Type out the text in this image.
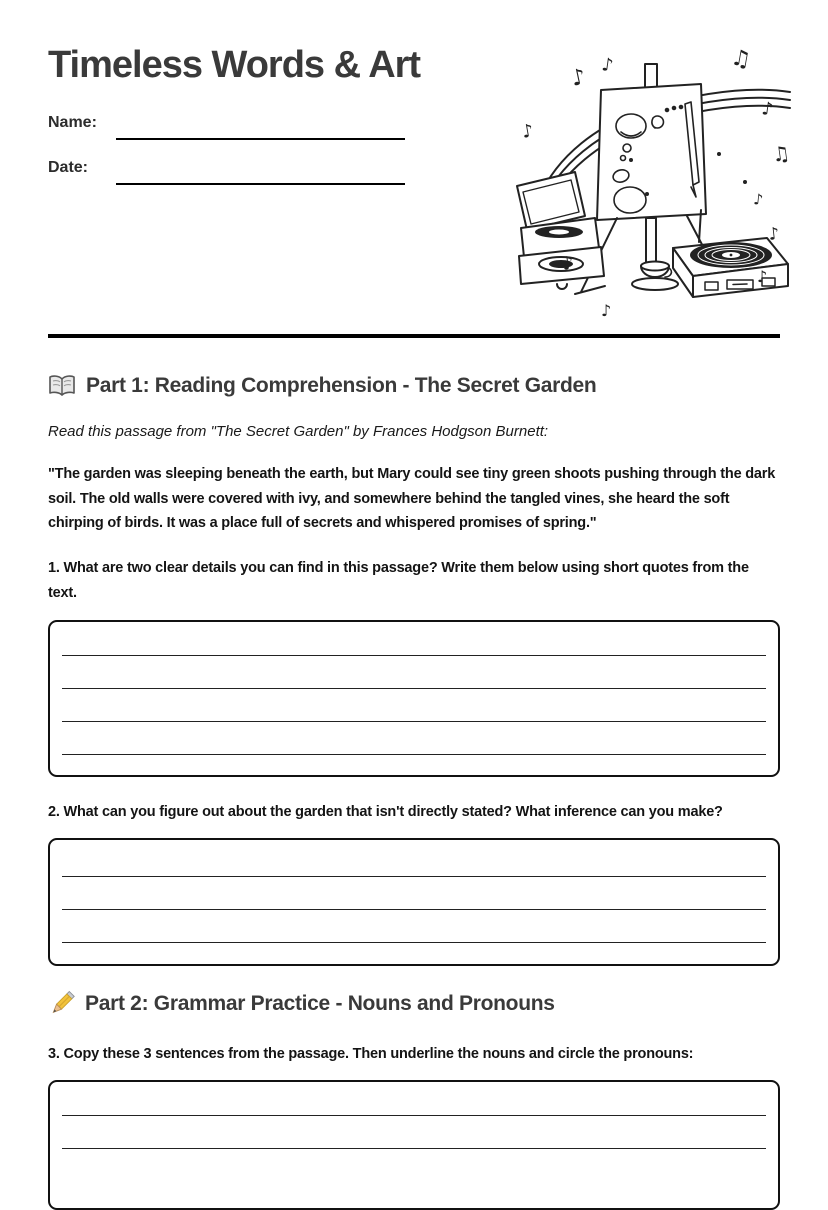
Timeless Words & Art
Name:
Date:
♪ ♪
♪
♪
♪
♫
♪
♫
♪
♪
♪
Part 1: Reading Comprehension - The Secret Garden

Read this passage from "The Secret Garden" by Frances Hodgson Burnett:

"The garden was sleeping beneath the earth, but Mary could see tiny green shoots pushing through the dark soil. The old walls were covered with ivy, and somewhere behind the tangled vines, she heard the soft chirping of birds. It was a place full of secrets and whispered promises of spring."

1. What are two clear details you can find in this passage? Write them below using short quotes from the text.

2. What can you figure out about the garden that isn't directly stated? What inference can you make?

Part 2: Grammar Practice - Nouns and Pronouns

3. Copy these 3 sentences from the passage. Then underline the nouns and circle the pronouns:
